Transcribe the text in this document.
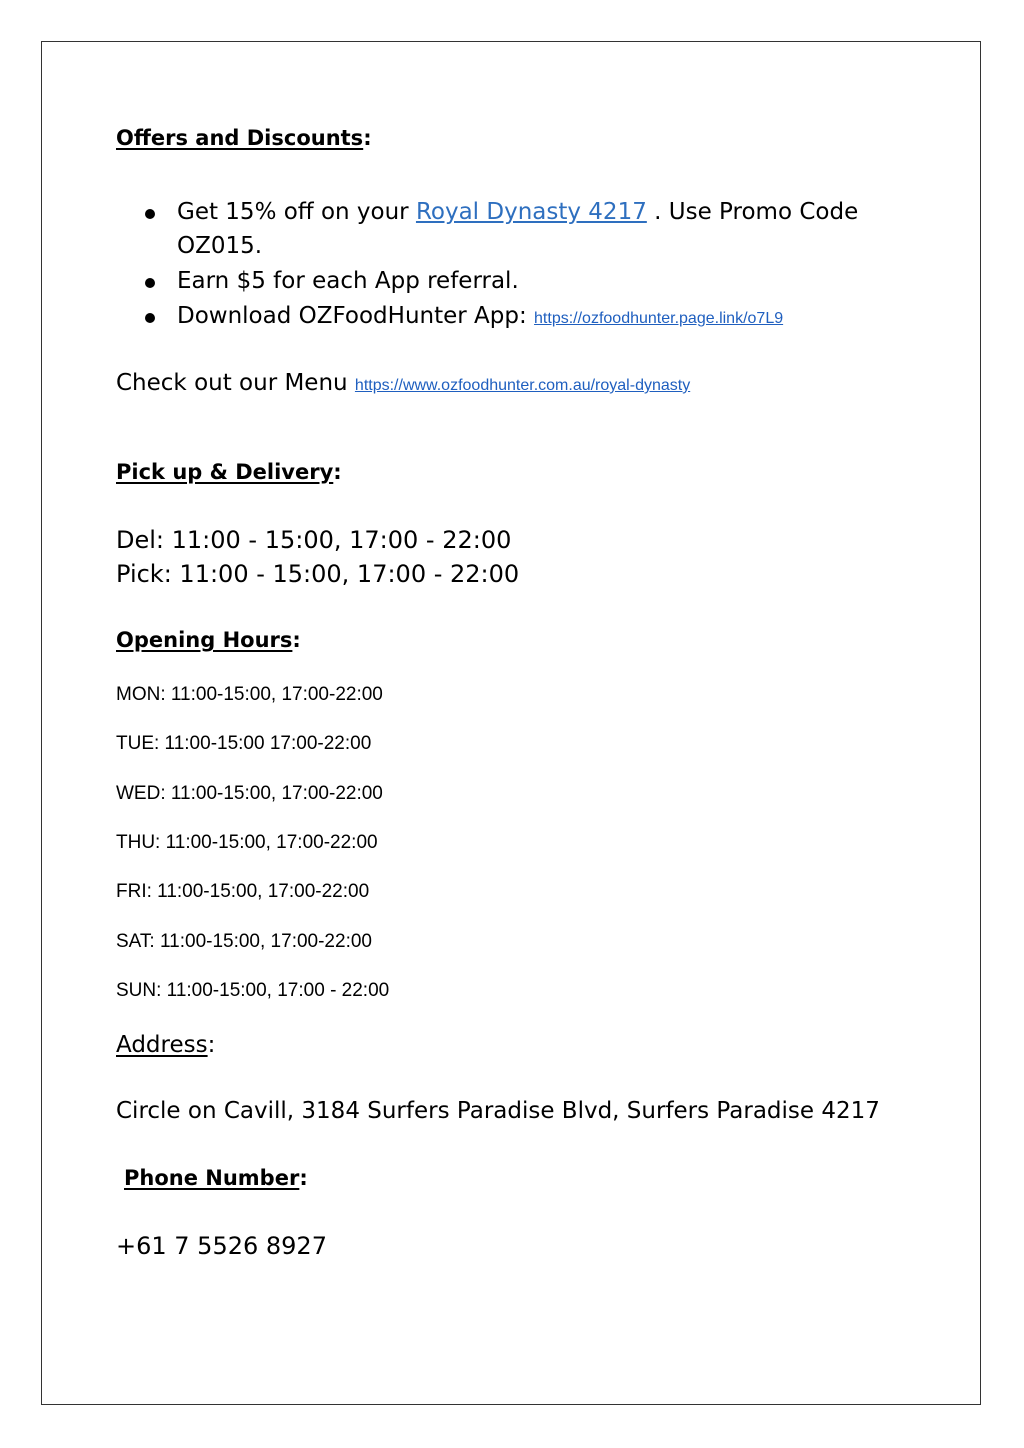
Offers and Discounts:
Get 15% off on your Royal Dynasty 4217 . Use Promo Code
OZ015.
Earn $5 for each App referral.
Download OZFoodHunter App: https://ozfoodhunter.page.link/o7L9
Check out our Menu https://www.ozfoodhunter.com.au/royal-dynasty
Pick up & Delivery:
Del: 11:00 - 15:00, 17:00 - 22:00
Pick: 11:00 - 15:00, 17:00 - 22:00
Opening Hours:
MON: 11:00-15:00, 17:00-22:00
TUE: 11:00-15:00 17:00-22:00
WED: 11:00-15:00, 17:00-22:00
THU: 11:00-15:00, 17:00-22:00
FRI: 11:00-15:00, 17:00-22:00
SAT: 11:00-15:00, 17:00-22:00
SUN: 11:00-15:00, 17:00 - 22:00
Address:
Circle on Cavill, 3184 Surfers Paradise Blvd, Surfers Paradise 4217
Phone Number:
+61 7 5526 8927
